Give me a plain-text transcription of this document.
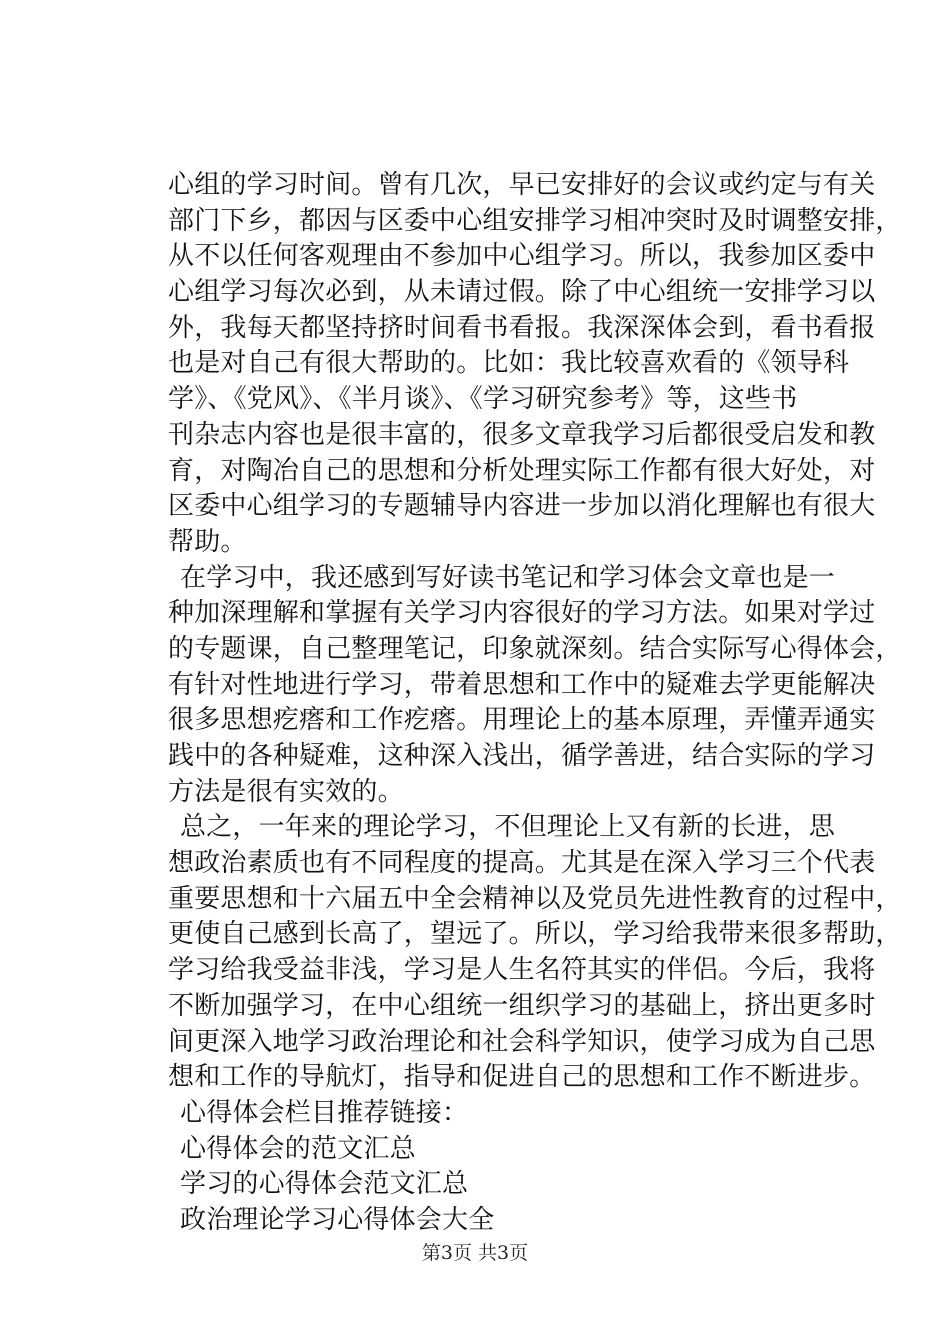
心组的学习时间。曾有几次，早已安排好的会议或约定与有关
部门下乡，都因与区委中心组安排学习相冲突时及时调整安排，
从不以任何客观理由不参加中心组学习。所以，我参加区委中
心组学习每次必到，从未请过假。除了中心组统一安排学习以
外，我每天都坚持挤时间看书看报。我深深体会到，看书看报
也是对自己有很大帮助的。比如：我比较喜欢看的《领导科
学》、《党风》、《半月谈》、《学习研究参考》等，这些书
刊杂志内容也是很丰富的，很多文章我学习后都很受启发和教
育，对陶冶自己的思想和分析处理实际工作都有很大好处，对
区委中心组学习的专题辅导内容进一步加以消化理解也有很大
帮助。
在学习中，我还感到写好读书笔记和学习体会文章也是一
种加深理解和掌握有关学习内容很好的学习方法。如果对学过
的专题课，自己整理笔记，印象就深刻。结合实际写心得体会，
有针对性地进行学习，带着思想和工作中的疑难去学更能解决
很多思想疙瘩和工作疙瘩。用理论上的基本原理，弄懂弄通实
践中的各种疑难，这种深入浅出，循学善进，结合实际的学习
方法是很有实效的。
总之，一年来的理论学习，不但理论上又有新的长进，思
想政治素质也有不同程度的提高。尤其是在深入学习三个代表
重要思想和十六届五中全会精神以及党员先进性教育的过程中，
更使自己感到长高了，望远了。所以，学习给我带来很多帮助，
学习给我受益非浅，学习是人生名符其实的伴侣。今后，我将
不断加强学习，在中心组统一组织学习的基础上，挤出更多时
间更深入地学习政治理论和社会科学知识，使学习成为自己思
想和工作的导航灯，指导和促进自己的思想和工作不断进步。
心得体会栏目推荐链接：
心得体会的范文汇总
学习的心得体会范文汇总
政治理论学习心得体会大全
第3页 共3页
